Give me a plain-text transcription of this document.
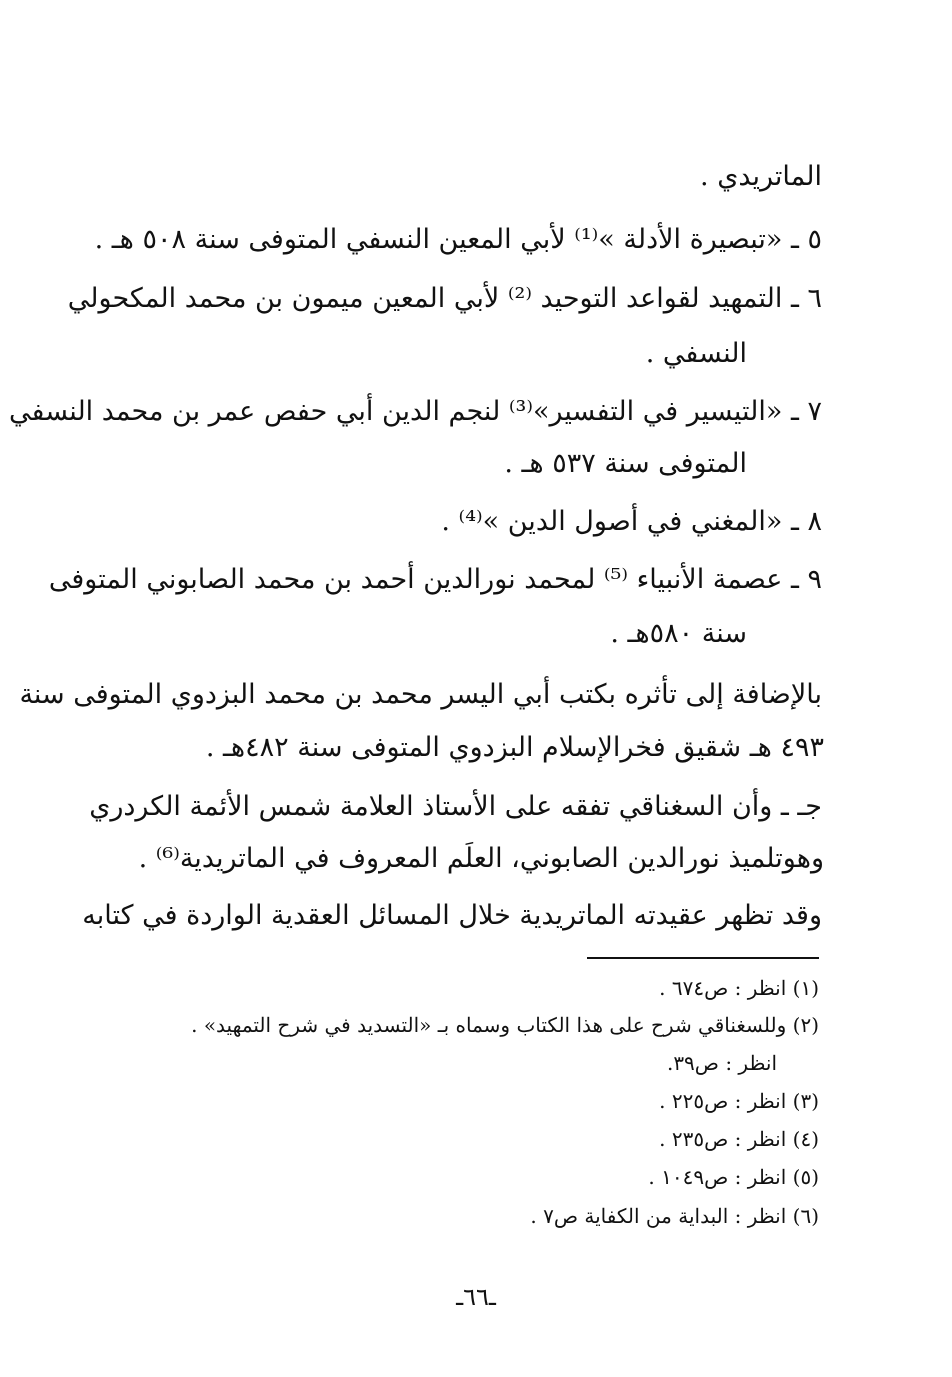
الماتريدي .
٥ ـ «تبصيرة الأدلة »⁽¹⁾ لأبي المعين النسفي المتوفى سنة ٥٠٨ هـ .
٦ ـ التمهيد لقواعد التوحيد ⁽²⁾ لأبي المعين ميمون بن محمد المكحولي
النسفي .
٧ ـ «التيسير في التفسير»⁽³⁾ لنجم الدين أبي حفص عمر بن محمد النسفي
المتوفى سنة ٥٣٧ هـ .
٨ ـ «المغني في أصول الدين »⁽⁴⁾ .
٩ ـ عصمة الأنبياء ⁽⁵⁾ لمحمد نورالدين أحمد بن محمد الصابوني المتوفى
سنة ٥٨٠هـ .
بالإضافة إلى تأثره بكتب أبي اليسر محمد بن محمد البزدوي المتوفى سنة
٤٩٣ هـ شقيق فخرالإسلام البزدوي المتوفى سنة ٤٨٢هـ .
جـ ـ وأن السغناقي تفقه على الأستاذ العلامة شمس الأئمة الكردري
وهوتلميذ نورالدين الصابوني، العلَم المعروف في الماتريدية⁽⁶⁾ .
وقد تظهر عقيدته الماتريدية خلال المسائل العقدية الواردة في كتابه
(١) انظر : ص٦٧٤ .
(٢) وللسغناقي شرح على هذا الكتاب وسماه بـ «التسديد في شرح التمهيد» .
انظر : ص٣٩.
(٣) انظر : ص٢٢٥ .
(٤) انظر : ص٢٣٥ .
(٥) انظر : ص١٠٤٩ .
(٦) انظر : البداية من الكفاية ص٧ .
ـ٦٦ـ
